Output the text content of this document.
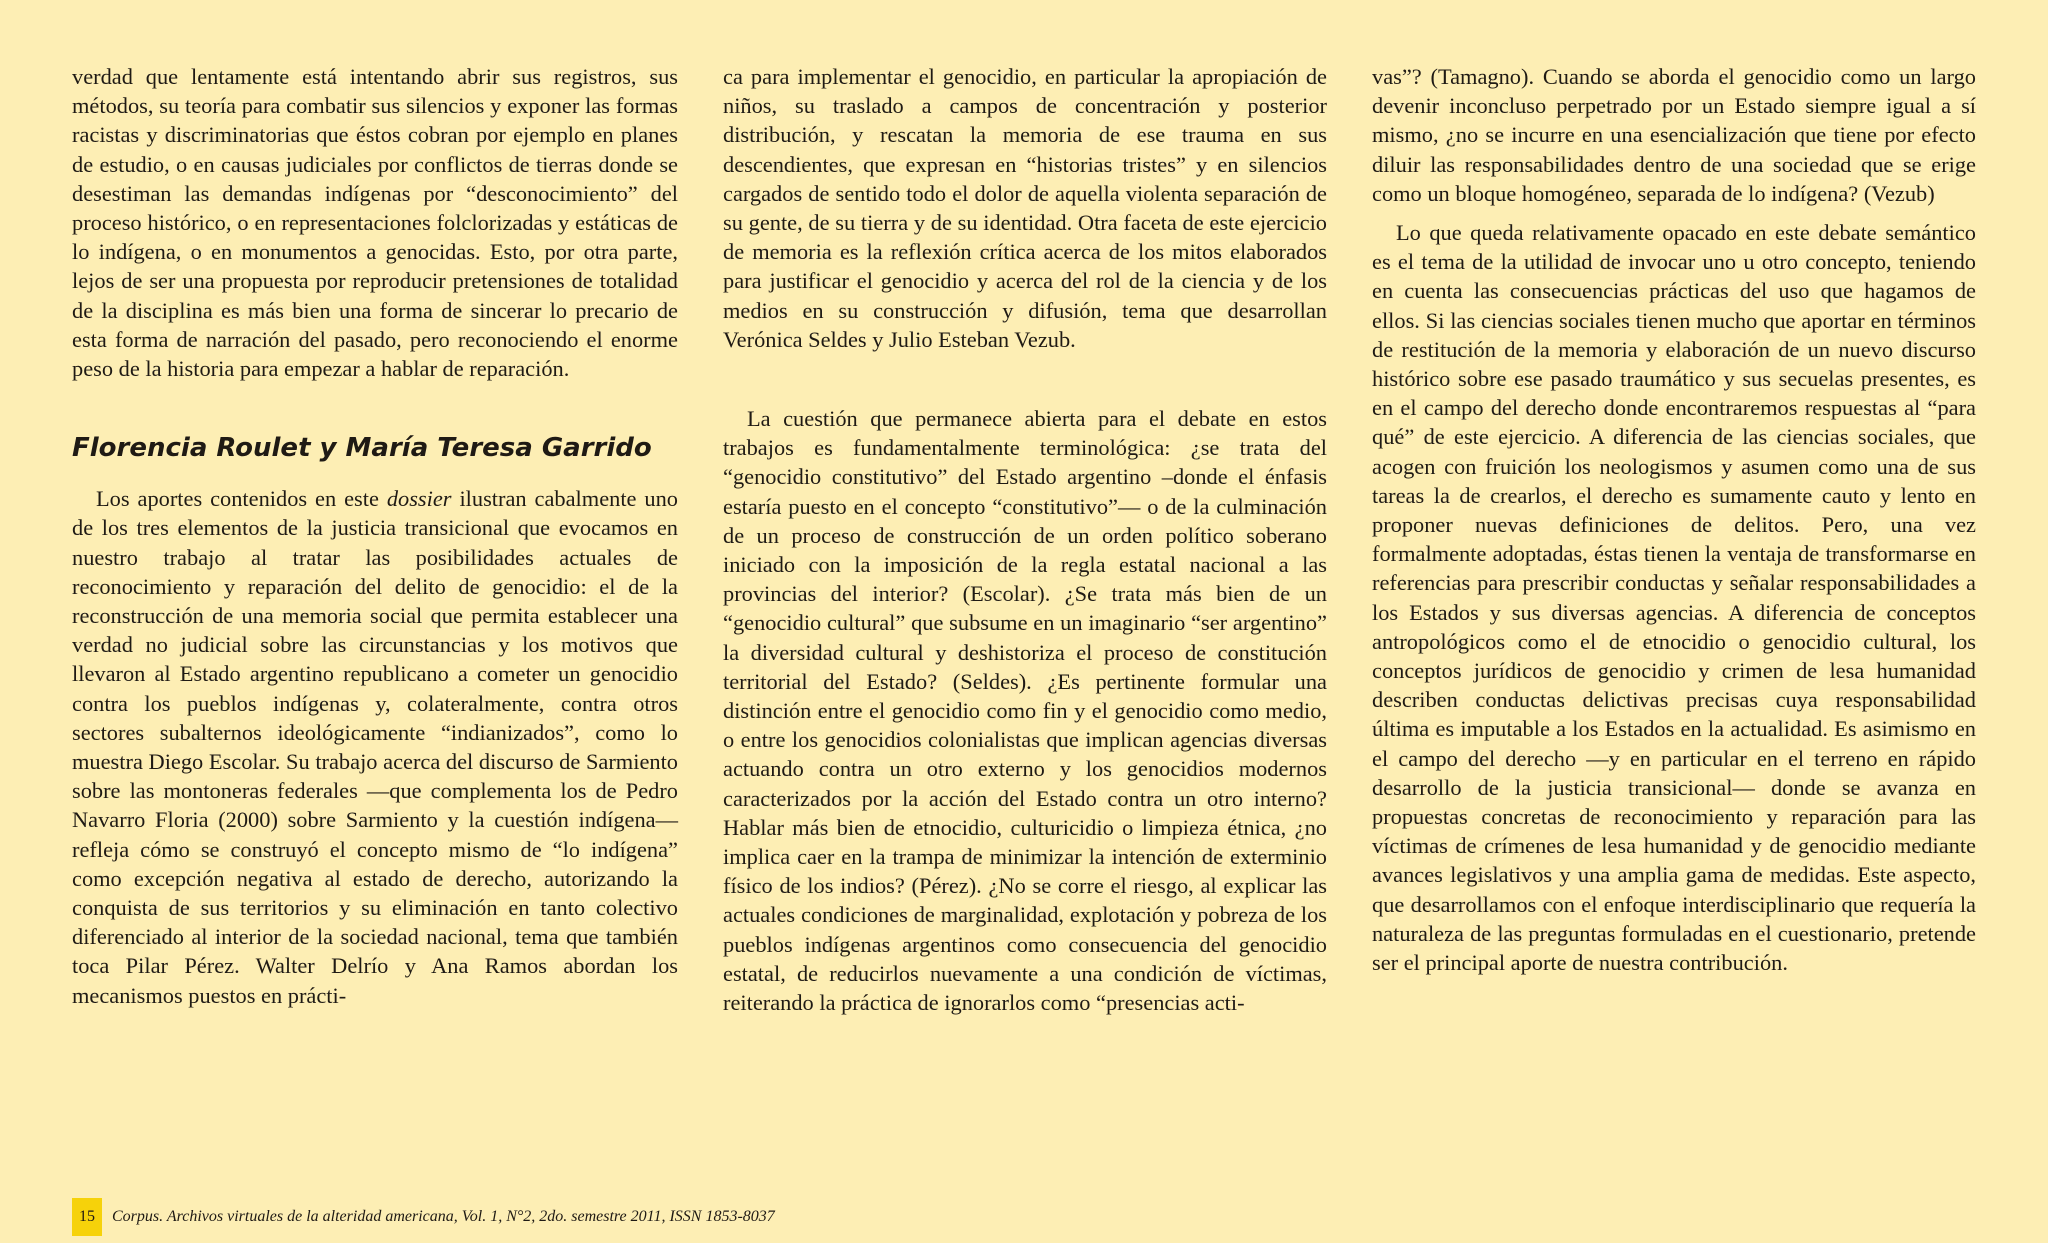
verdad que lentamente está intentando abrir sus registros, sus métodos, su teoría para combatir sus silencios y exponer las formas racistas y discriminatorias que éstos cobran por ejemplo en planes de estudio, o en causas judiciales por conflictos de tierras donde se desestiman las demandas indígenas por “desconocimiento” del proceso histórico, o en representaciones folclorizadas y estáticas de lo indígena, o en monumentos a genocidas. Esto, por otra parte, lejos de ser una propuesta por reproducir pretensiones de totalidad de la disciplina es más bien una forma de sincerar lo precario de esta forma de narración del pasado, pero reconociendo el enorme peso de la historia para empezar a hablar de reparación.

Florencia Roulet y María Teresa Garrido

Los aportes contenidos en este dossier ilustran cabalmente uno de los tres elementos de la justicia transicional que evocamos en nuestro trabajo al tratar las posibilidades actuales de reconocimiento y reparación del delito de genocidio: el de la reconstrucción de una memoria social que permita establecer una verdad no judicial sobre las circunstancias y los motivos que llevaron al Estado argentino republicano a cometer un genocidio contra los pueblos indígenas y, colateralmente, contra otros sectores subalternos ideológicamente “indianizados”, como lo muestra Diego Escolar. Su trabajo acerca del discurso de Sarmiento sobre las montoneras federales —que complementa los de Pedro Navarro Floria (2000) sobre Sarmiento y la cuestión indígena— refleja cómo se construyó el concepto mismo de “lo indígena” como excepción negativa al estado de derecho, autorizando la conquista de sus territorios y su eliminación en tanto colectivo diferenciado al interior de la sociedad nacional, tema que también toca Pilar Pérez. Walter Delrío y Ana Ramos abordan los mecanismos puestos en prácti-

ca para implementar el genocidio, en particular la apropiación de niños, su traslado a campos de concentración y posterior distribución, y rescatan la memoria de ese trauma en sus descendientes, que expresan en “historias tristes” y en silencios cargados de sentido todo el dolor de aquella violenta separación de su gente, de su tierra y de su identidad. Otra faceta de este ejercicio de memoria es la reflexión crítica acerca de los mitos elaborados para justificar el genocidio y acerca del rol de la ciencia y de los medios en su construcción y difusión, tema que desarrollan Verónica Seldes y Julio Esteban Vezub.

La cuestión que permanece abierta para el debate en estos trabajos es fundamentalmente terminológica: ¿se trata del “genocidio constitutivo” del Estado argentino –donde el énfasis estaría puesto en el concepto “constitutivo”— o de la culminación de un proceso de construcción de un orden político soberano iniciado con la imposición de la regla estatal nacional a las provincias del interior? (Escolar). ¿Se trata más bien de un “genocidio cultural” que subsume en un imaginario “ser argentino” la diversidad cultural y deshistoriza el proceso de constitución territorial del Estado? (Seldes). ¿Es pertinente formular una distinción entre el genocidio como fin y el genocidio como medio, o entre los genocidios colonialistas que implican agencias diversas actuando contra un otro externo y los genocidios modernos caracterizados por la acción del Estado contra un otro interno? Hablar más bien de etnocidio, culturicidio o limpieza étnica, ¿no implica caer en la trampa de minimizar la intención de exterminio físico de los indios? (Pérez). ¿No se corre el riesgo, al explicar las actuales condiciones de marginalidad, explotación y pobreza de los pueblos indígenas argentinos como consecuencia del genocidio estatal, de reducirlos nuevamente a una condición de víctimas, reiterando la práctica de ignorarlos como “presencias acti-

vas”? (Tamagno). Cuando se aborda el genocidio como un largo devenir inconcluso perpetrado por un Estado siempre igual a sí mismo, ¿no se incurre en una esencialización que tiene por efecto diluir las responsabilidades dentro de una sociedad que se erige como un bloque homogéneo, separada de lo indígena? (Vezub)

Lo que queda relativamente opacado en este debate semántico es el tema de la utilidad de invocar uno u otro concepto, teniendo en cuenta las consecuencias prácticas del uso que hagamos de ellos. Si las ciencias sociales tienen mucho que aportar en términos de restitución de la memoria y elaboración de un nuevo discurso histórico sobre ese pasado traumático y sus secuelas presentes, es en el campo del derecho donde encontraremos respuestas al “para qué” de este ejercicio. A diferencia de las ciencias sociales, que acogen con fruición los neologismos y asumen como una de sus tareas la de crearlos, el derecho es sumamente cauto y lento en proponer nuevas definiciones de delitos. Pero, una vez formalmente adoptadas, éstas tienen la ventaja de transformarse en referencias para prescribir conductas y señalar responsabilidades a los Estados y sus diversas agencias. A diferencia de conceptos antropológicos como el de etnocidio o genocidio cultural, los conceptos jurídicos de genocidio y crimen de lesa humanidad describen conductas delictivas precisas cuya responsabilidad última es imputable a los Estados en la actualidad. Es asimismo en el campo del derecho —y en particular en el terreno en rápido desarrollo de la justicia transicional— donde se avanza en propuestas concretas de reconocimiento y reparación para las víctimas de crímenes de lesa humanidad y de genocidio mediante avances legislativos y una amplia gama de medidas. Este aspecto, que desarrollamos con el enfoque interdisciplinario que requería la naturaleza de las preguntas formuladas en el cuestionario, pretende ser el principal aporte de nuestra contribución.

15	Corpus. Archivos virtuales de la alteridad americana, Vol. 1, N°2, 2do. semestre 2011, ISSN 1853-8037
